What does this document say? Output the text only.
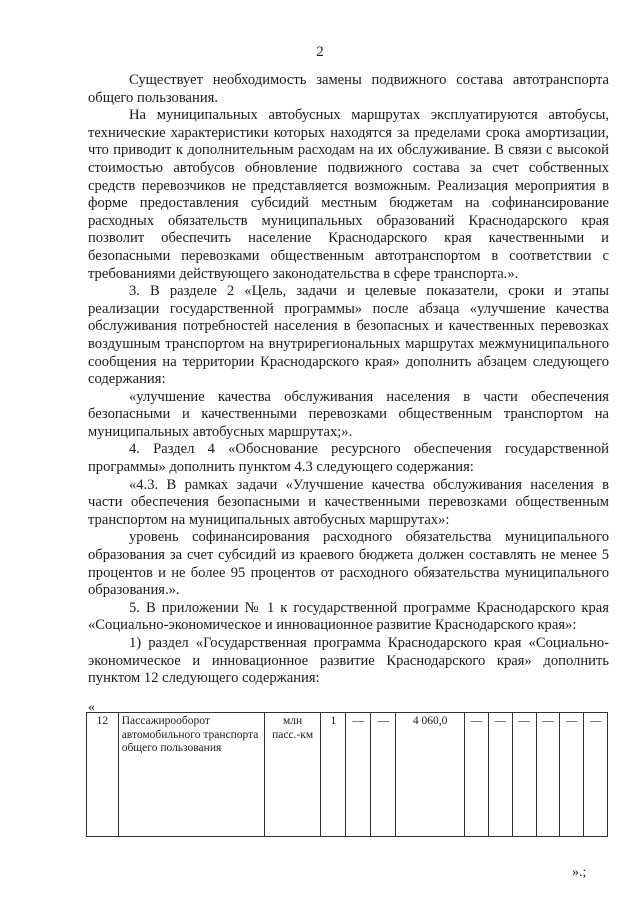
2

Существует необходимость замены подвижного состава автотранспорта общего пользования.

На муниципальных автобусных маршрутах эксплуатируются автобусы, технические характеристики которых находятся за пределами срока амортизации, что приводит к дополнительным расходам на их обслуживание. В связи с высокой стоимостью автобусов обновление подвижного состава за счет собственных средств перевозчиков не представляется возможным. Реализация мероприятия в форме предоставления субсидий местным бюджетам на софинансирование расходных обязательств муниципальных образований Краснодарского края позволит обеспечить население Краснодарского края качественными и безопасными перевозками общественным автотранспортом в соответствии с требованиями действующего законодательства в сфере транспорта.».

3. В разделе 2 «Цель, задачи и целевые показатели, сроки и этапы реализации государственной программы» после абзаца «улучшение качества обслуживания потребностей населения в безопасных и качественных перевозках воздушным транспортом на внутрирегиональных маршрутах межмуниципального сообщения на территории Краснодарского края» дополнить абзацем следующего содержания:

«улучшение качества обслуживания населения в части обеспечения безопасными и качественными перевозками общественным транспортом на муниципальных автобусных маршрутах;».

4. Раздел 4 «Обоснование ресурсного обеспечения государственной программы» дополнить пунктом 4.3 следующего содержания:

«4.3. В рамках задачи «Улучшение качества обслуживания населения в части обеспечения безопасными и качественными перевозками общественным транспортом на муниципальных автобусных маршрутах»:

уровень софинансирования расходного обязательства муниципального образования за счет субсидий из краевого бюджета должен составлять не менее 5 процентов и не более 95 процентов от расходного обязательства муниципального образования.».

5. В приложении № 1 к государственной программе Краснодарского края «Социально-экономическое и инновационное развитие Краснодарского края»:

1) раздел «Государственная программа Краснодарского края «Социально-экономическое и инновационное развитие Краснодарского края» дополнить пунктом 12 следующего содержания:

«
12	Пассажирооборот автомобильного транспорта общего пользования	млн пасс.-км	1	—	—	4 060,0	—	—	—	—	—	—
».;
